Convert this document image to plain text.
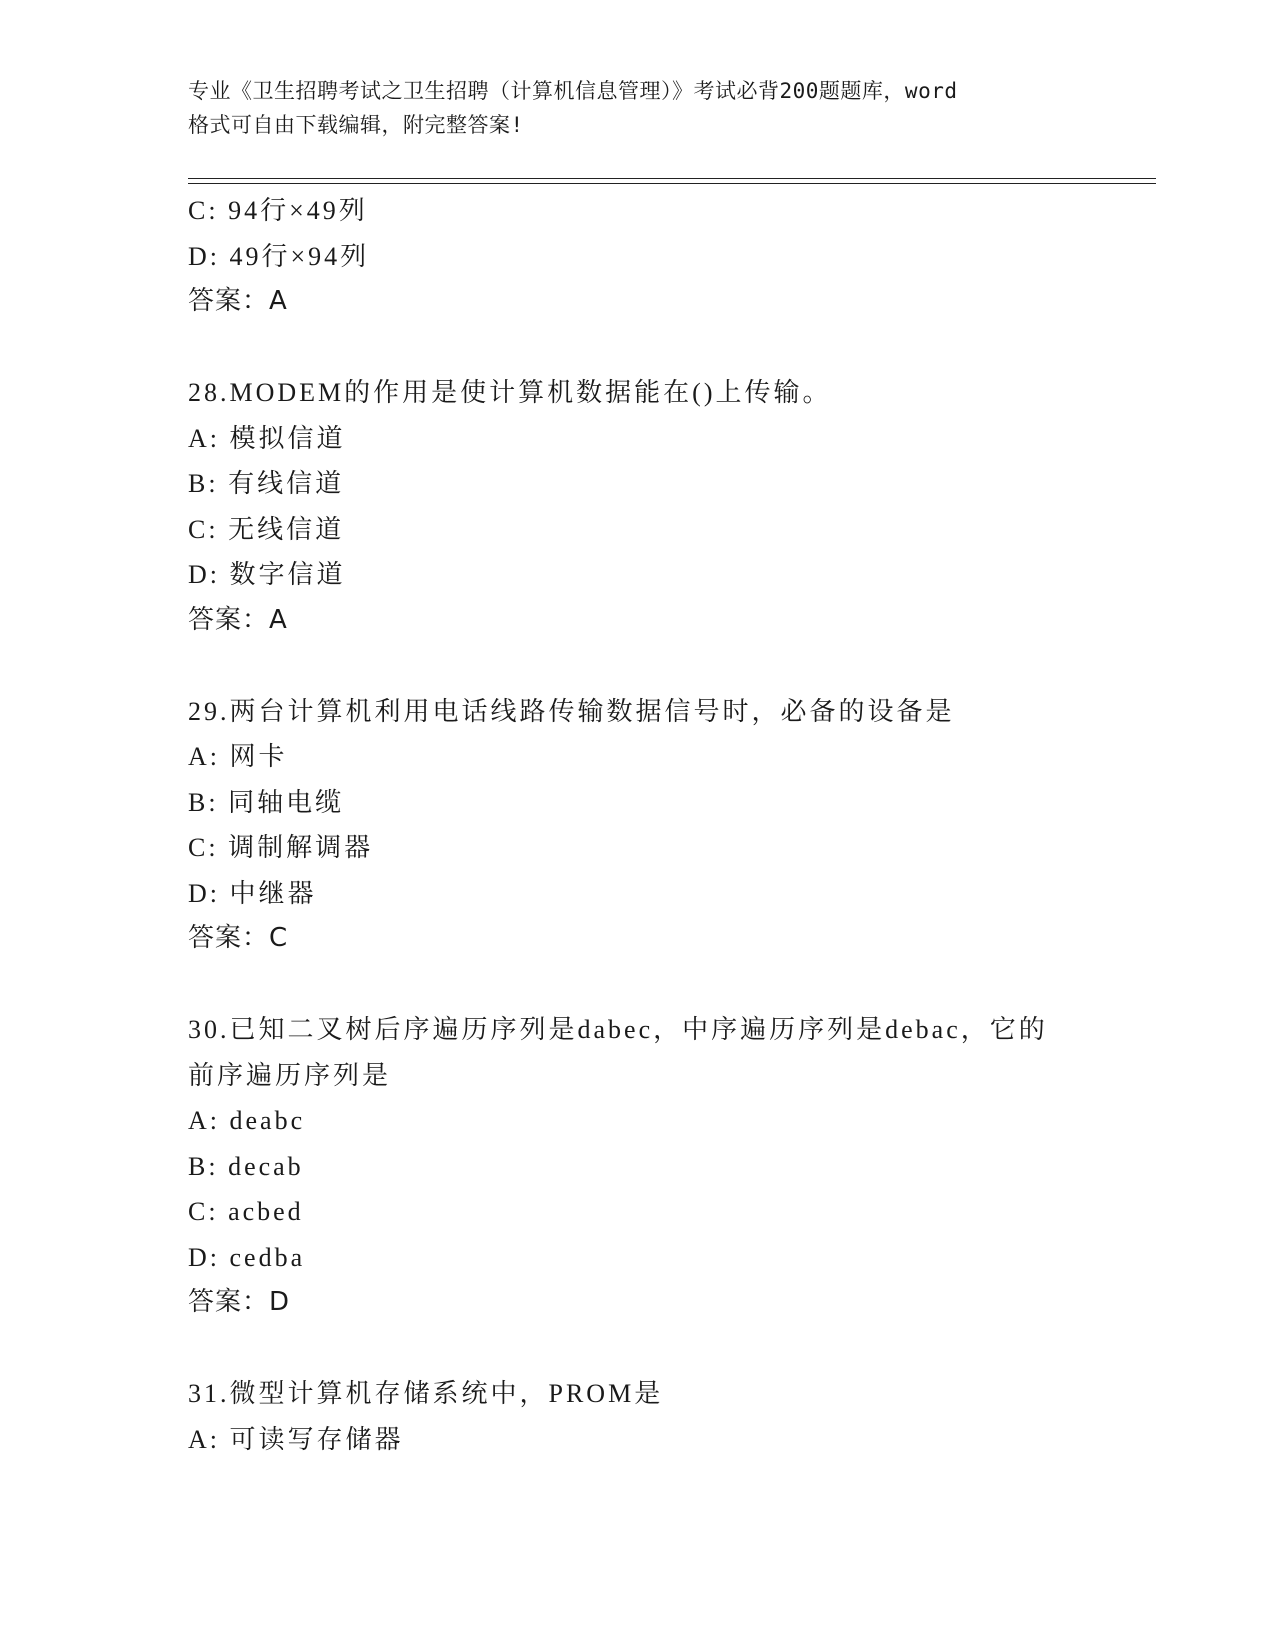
专业《卫生招聘考试之卫生招聘（计算机信息管理）》考试必背200题题库，word
格式可自由下载编辑，附完整答案!
C: 94行×49列
D: 49行×94列
答案：A
28.MODEM的作用是使计算机数据能在()上传输。
A: 模拟信道
B: 有线信道
C: 无线信道
D: 数字信道
答案：A
29.两台计算机利用电话线路传输数据信号时，必备的设备是
A: 网卡
B: 同轴电缆
C: 调制解调器
D: 中继器
答案：C
30.已知二叉树后序遍历序列是dabec，中序遍历序列是debac，它的
前序遍历序列是
A: deabc
B: decab
C: acbed
D: cedba
答案：D
31.微型计算机存储系统中，PROM是
A: 可读写存储器
